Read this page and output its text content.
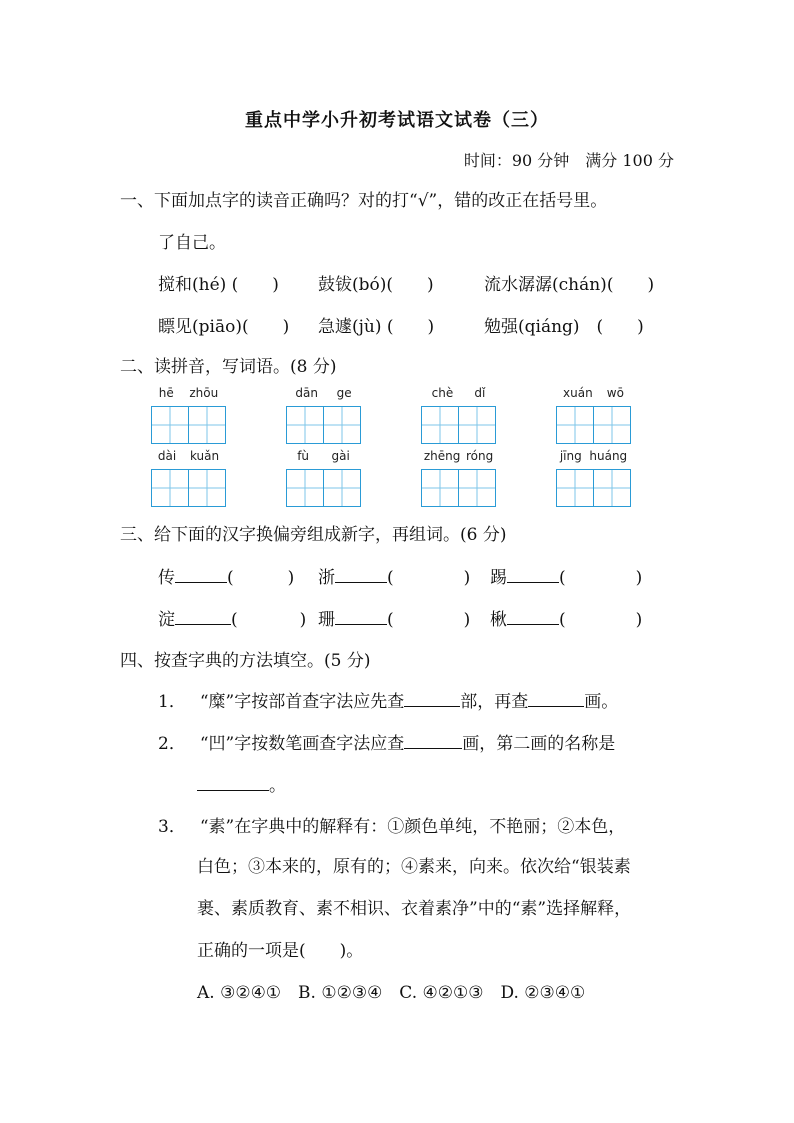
重点中学小升初考试语文试卷（三）
时间：90 分钟　满分 100 分
一、下面加点字的读音正确吗？对的打“√”，错的改正在括号里。
了自己。
搅和(hé) (　　) 鼓钹(bó)(　　)	流水潺潺(chán)(　　)
瞟见(piāo)(　　) 急遽(jù) (　　)	勉强(qiáng)　(　　)
二、读拼音，写词语。(8 分)
hē zhōu	dān ge	chè dǐ	xuán wō
dài kuǎn	fù gài	zhēng róng	jīng huáng
三、给下面的汉字换偏旁组成新字，再组词。(6 分)
传	(	) 浙	(	) 踢	(	)
淀	(	) 珊	(	) 楸	(	)
四、按查字典的方法填空。(5 分)
1． “糜”字按部首查字法应先查	部，再查	画。
2． “凹”字按数笔画查字法应查	画，第二画的名称是
。
3． “素”在字典中的解释有：①颜色单纯，不艳丽；②本色，
白色；③本来的，原有的；④素来，向来。依次给“银装素
裹、素质教育、素不相识、衣着素净”中的“素”选择解释，
正确的一项是(　　)。
A. ③②④①　B. ①②③④　C. ④②①③　D. ②③④①
